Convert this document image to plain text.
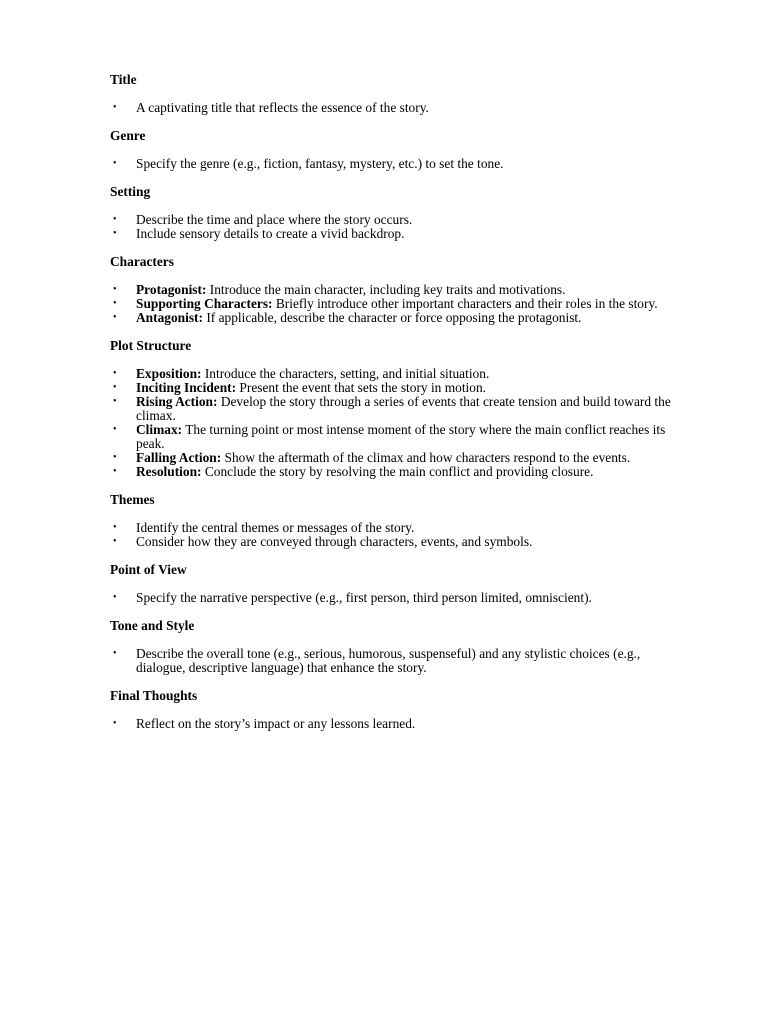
Title
• A captivating title that reflects the essence of the story.
Genre
• Specify the genre (e.g., fiction, fantasy, mystery, etc.) to set the tone.
Setting
• Describe the time and place where the story occurs.
• Include sensory details to create a vivid backdrop.
Characters
• Protagonist: Introduce the main character, including key traits and motivations.
• Supporting Characters: Briefly introduce other important characters and their roles in the story.
• Antagonist: If applicable, describe the character or force opposing the protagonist.
Plot Structure
• Exposition: Introduce the characters, setting, and initial situation.
• Inciting Incident: Present the event that sets the story in motion.
• Rising Action: Develop the story through a series of events that create tension and build toward the climax.
• Climax: The turning point or most intense moment of the story where the main conflict reaches its peak.
• Falling Action: Show the aftermath of the climax and how characters respond to the events.
• Resolution: Conclude the story by resolving the main conflict and providing closure.
Themes
• Identify the central themes or messages of the story.
• Consider how they are conveyed through characters, events, and symbols.
Point of View
• Specify the narrative perspective (e.g., first person, third person limited, omniscient).
Tone and Style
• Describe the overall tone (e.g., serious, humorous, suspenseful) and any stylistic choices (e.g., dialogue, descriptive language) that enhance the story.
Final Thoughts
• Reflect on the story’s impact or any lessons learned.
